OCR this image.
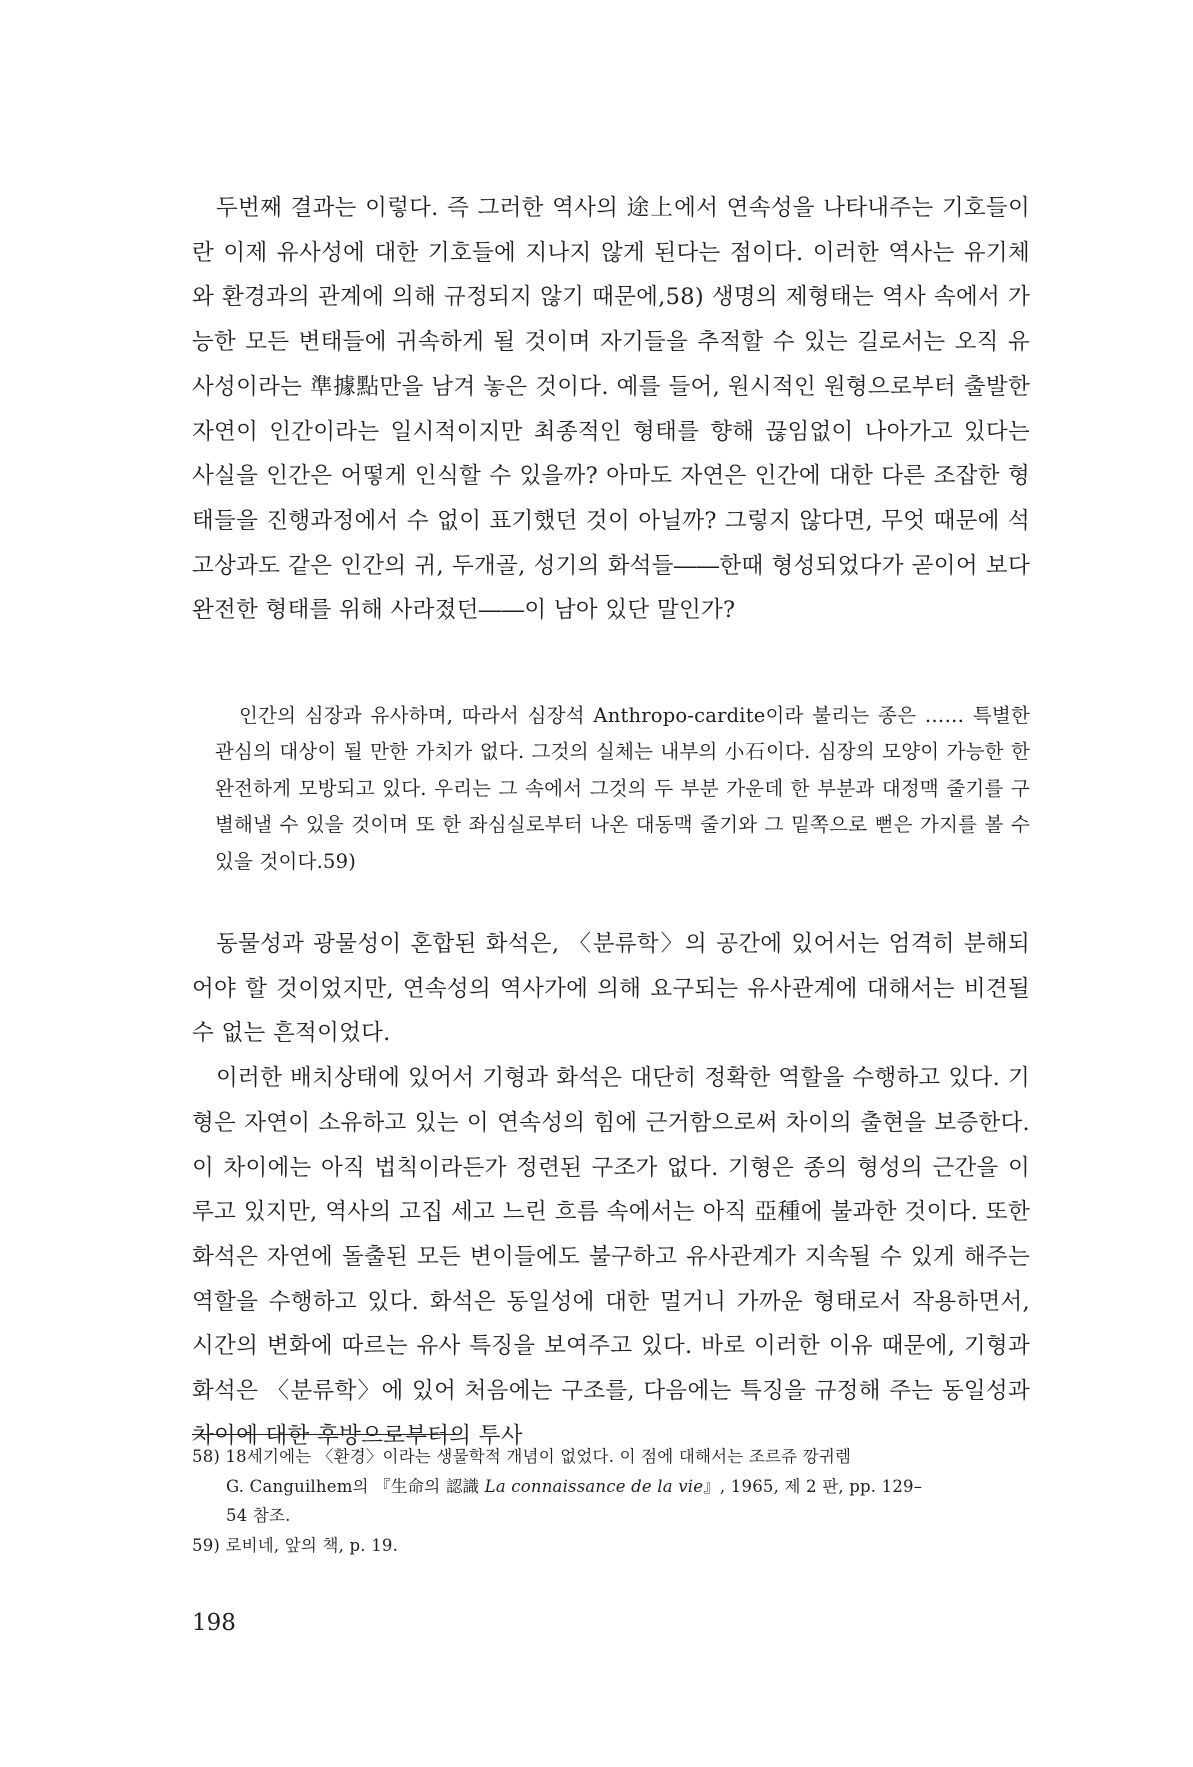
두번째 결과는 이렇다. 즉 그러한 역사의 途上에서 연속성을 나타내주는 기호들이란 이제 유사성에 대한 기호들에 지나지 않게 된다는 점이다. 이러한 역사는 유기체와 환경과의 관계에 의해 규정되지 않기 때문에,58) 생명의 제형태는 역사 속에서 가능한 모든 변태들에 귀속하게 될 것이며 자기들을 추적할 수 있는 길로서는 오직 유사성이라는 準據點만을 남겨 놓은 것이다. 예를 들어, 원시적인 원형으로부터 출발한 자연이 인간이라는 일시적이지만 최종적인 형태를 향해 끊임없이 나아가고 있다는 사실을 인간은 어떻게 인식할 수 있을까? 아마도 자연은 인간에 대한 다른 조잡한 형태들을 진행과정에서 수 없이 표기했던 것이 아닐까? 그렇지 않다면, 무엇 때문에 석고상과도 같은 인간의 귀, 두개골, 성기의 화석들――한때 형성되었다가 곧이어 보다 완전한 형태를 위해 사라졌던――이 남아 있단 말인가?

인간의 심장과 유사하며, 따라서 심장석 Anthropo-cardite이라 불리는 종은 …… 특별한 관심의 대상이 될 만한 가치가 없다. 그것의 실체는 내부의 小石이다. 심장의 모양이 가능한 한 완전하게 모방되고 있다. 우리는 그 속에서 그것의 두 부분 가운데 한 부분과 대정맥 줄기를 구별해낼 수 있을 것이며 또 한 좌심실로부터 나온 대동맥 줄기와 그 밑쪽으로 뻗은 가지를 볼 수 있을 것이다.59)

동물성과 광물성이 혼합된 화석은, 〈분류학〉의 공간에 있어서는 엄격히 분해되어야 할 것이었지만, 연속성의 역사가에 의해 요구되는 유사관계에 대해서는 비견될 수 없는 흔적이었다.

이러한 배치상태에 있어서 기형과 화석은 대단히 정확한 역할을 수행하고 있다. 기형은 자연이 소유하고 있는 이 연속성의 힘에 근거함으로써 차이의 출현을 보증한다. 이 차이에는 아직 법칙이라든가 정련된 구조가 없다. 기형은 종의 형성의 근간을 이루고 있지만, 역사의 고집 세고 느린 흐름 속에서는 아직 亞種에 불과한 것이다. 또한 화석은 자연에 돌출된 모든 변이들에도 불구하고 유사관계가 지속될 수 있게 해주는 역할을 수행하고 있다. 화석은 동일성에 대한 멀거니 가까운 형태로서 작용하면서, 시간의 변화에 따르는 유사 특징을 보여주고 있다. 바로 이러한 이유 때문에, 기형과 화석은 〈분류학〉에 있어 처음에는 구조를, 다음에는 특징을 규정해 주는 동일성과 차이에 대한 후방으로부터의 투사

58) 18세기에는 〈환경〉이라는 생물학적 개념이 없었다. 이 점에 대해서는 조르쥬 깡귀렘

G. Canguilhem의 『生命의 認識 La connaissance de la vie』, 1965, 제 2 판, pp. 129–

54 참조.

59) 로비네, 앞의 책, p. 19.

198
